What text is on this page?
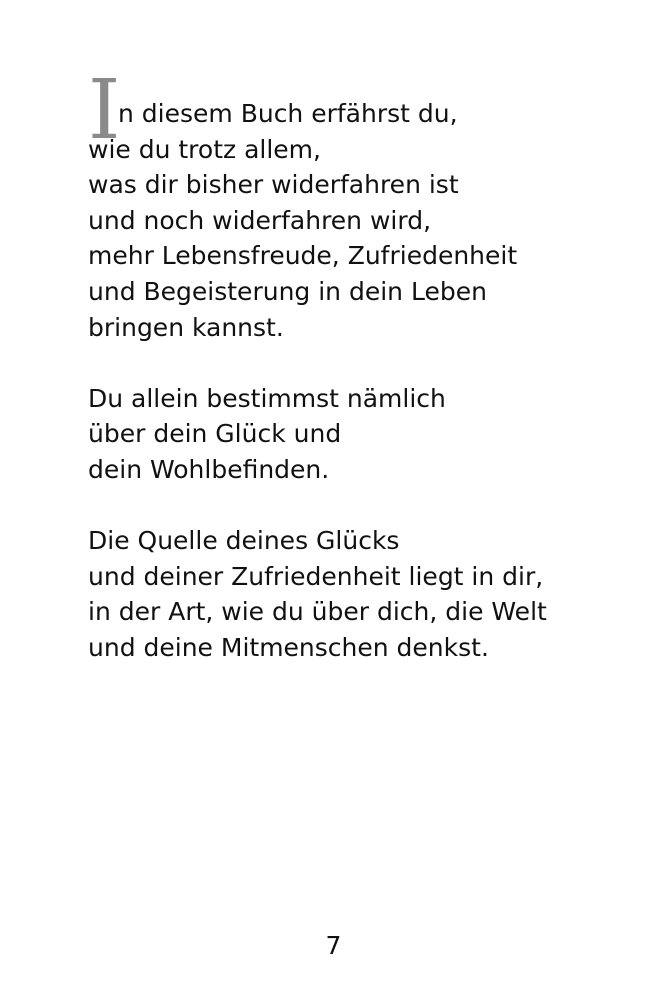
I
n diesem Buch erfährst du,
wie du trotz allem,
was dir bisher widerfahren ist
und noch widerfahren wird,
mehr Lebensfreude, Zufriedenheit
und Begeisterung in dein Leben
bringen kannst.
Du allein bestimmst nämlich
über dein Glück und
dein Wohlbefinden.
Die Quelle deines Glücks
und deiner Zufriedenheit liegt in dir,
in der Art, wie du über dich, die Welt
und deine Mitmenschen denkst.
7
